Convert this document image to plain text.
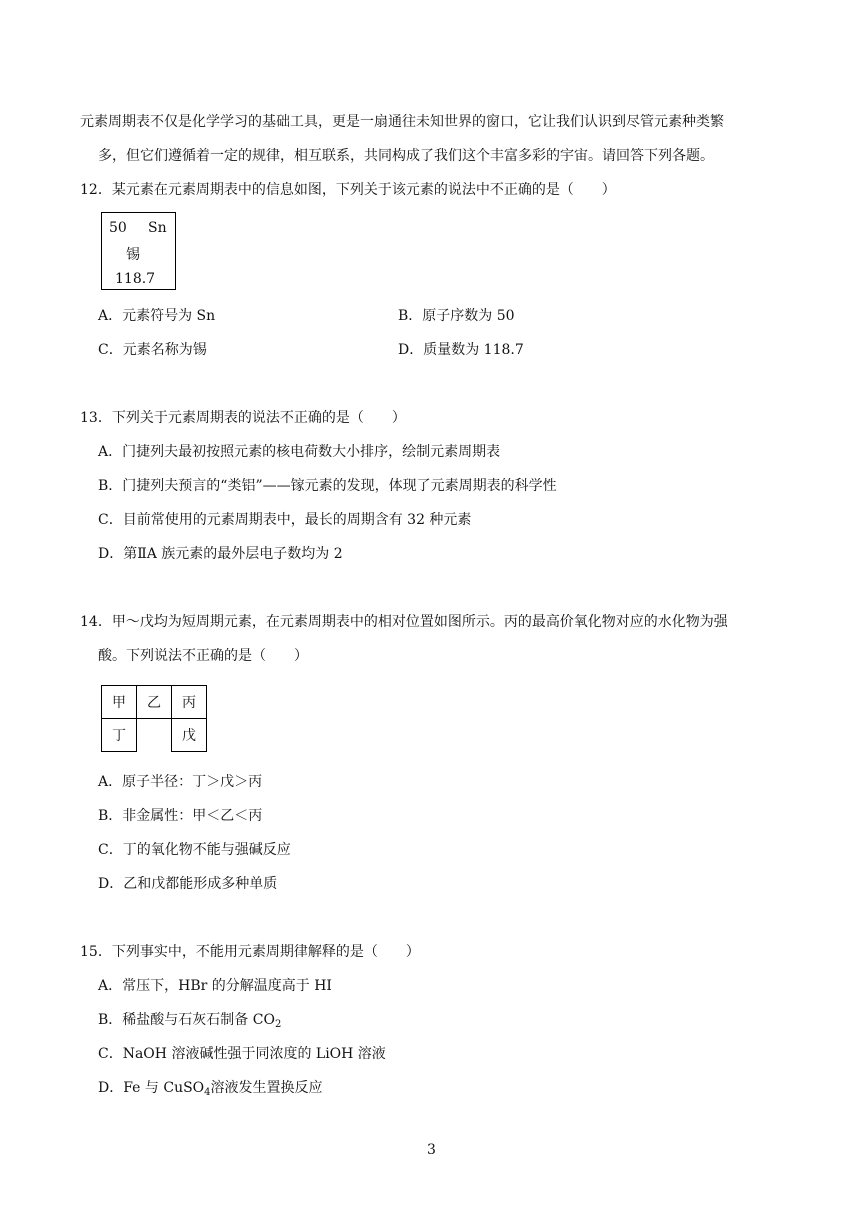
元素周期表不仅是化学学习的基础工具，更是一扇通往未知世界的窗口，它让我们认识到尽管元素种类繁
多，但它们遵循着一定的规律，相互联系，共同构成了我们这个丰富多彩的宇宙。请回答下列各题。
12．某元素在元素周期表中的信息如图，下列关于该元素的说法中不正确的是（　　）
50 Sn
锡
118.7
A．元素符号为 Sn	B．原子序数为 50
C．元素名称为锡	D．质量数为 118.7
13．下列关于元素周期表的说法不正确的是（　　）
A．门捷列夫最初按照元素的核电荷数大小排序，绘制元素周期表
B．门捷列夫预言的“类铝”——镓元素的发现，体现了元素周期表的科学性
C．目前常使用的元素周期表中，最长的周期含有 32 种元素
D．第ⅡA 族元素的最外层电子数均为 2
14．甲～戊均为短周期元素，在元素周期表中的相对位置如图所示。丙的最高价氧化物对应的水化物为强
酸。下列说法不正确的是（　　）
甲	乙	丙
丁		戊
A．原子半径：丁＞戊＞丙
B．非金属性：甲＜乙＜丙
C．丁的氧化物不能与强碱反应
D．乙和戊都能形成多种单质
15．下列事实中，不能用元素周期律解释的是（　　）
A．常压下，HBr 的分解温度高于 HI
B．稀盐酸与石灰石制备 $CO_2$
C．NaOH 溶液碱性强于同浓度的 LiOH 溶液
D．Fe 与 CuSO$_4$溶液发生置换反应
3
